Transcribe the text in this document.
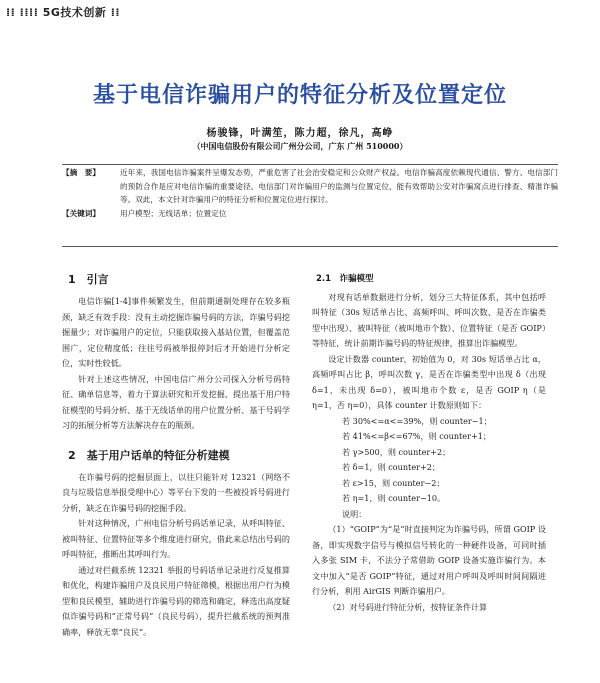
⁞⁞ ⁞⁞⁞⁞ 5G技术创新 ⁞⁞
基于电信诈骗用户的特征分析及位置定位
杨骏锋，叶满笙，陈力超，徐凡，高峥
（中国电信股份有限公司广州分公司，广东 广州 510000）
【摘　要】	近年来，我国电信诈骗案件呈爆发态势，严重危害了社会治安稳定和公众财产权益。电信诈骗高度依赖现代通信、警方、电信部门的预防合作是应对电信诈骗的重要途径。电信部门对诈骗用户的监测与位置定位，能有效帮助公安对诈骗窝点进行排查、精准诈骗等。双此，本文针对诈骗用户的特征分析和位置定位进行探讨。
【关键词】	用户模型；无线话单；位置定位
1　引言

电信诈骗[1-4]事件频繁发生，但前期通制处理存在较多瓶颈，缺乏有效手段：没有主动挖掘诈骗号码的方法，诈骗号码挖掘量少；对诈骗用户的定位，只能获取接入基站位置，但覆盖范围广，定位精度低；往往号码被举报停封后才开始进行分析定位，实时性较低。

针对上述这些情况，中国电信广州分公司探入分析号码特征、确单信息等，着力于算法研究和开发挖掘，提出基于用户特征模型的号码分析、基于无线话单的用户位置分析、基于号码学习的拓展分析等方法解决存在的瓶颈。

2　基于用户话单的特征分析建模

在诈骗号码的挖掘层面上，以往只能针对 12321（网络不良与垃圾信息举报受理中心）等平台下发的一些被投诉号码进行分析，缺乏在诈骗号码的挖掘手段。

针对这种情况，广州电信分析号码话单记录，从呼叫特征、被叫特征、位置特征等多个维度进行研究，借此来总结出号码的呼叫特征，推断出其呼叫行为。

通过对拦截系统 12321 举报的号码话单记录进行反复推算和优化，构建诈骗用户及良民用户特征筛模，根据出用户行为模型和良民模型，辅助进行诈骗号码的筛选和确定，释选出高度疑似诈骗号码和“正常号码”（良民号码），提升拦截系统的预判准确率，释放无辜“良民”。

2.1　诈骗模型

对现有话单数据进行分析，划分三大特征体系，其中包括呼叫特征（30s 短话单占比、高频呼叫、呼叫次数、是否在诈骗类型中出现）、被叫特征（被叫地市个数）、位置特征（是否 GOIP）等特征，统计前期诈骗号码的特征规律，推算出诈骗模型。

设定计数器 counter，初始值为 0，对 30s 短话单占比 α，高频呼叫占比 β，呼叫次数 γ，是否在诈骗类型中出现 δ（出现 δ=1，未出现 δ=0），被叫地市个数 ε，是否 GOIP η（是 η=1，否 η=0），具体 counter 计数原则如下：

若 30%<=α<=39%，则 counter−1；

若 41%<=β<=67%，则 counter+1；

若 γ>500，则 counter+2；

若 δ=1，则 counter+2；

若 ε>15，则 counter−2；

若 η=1，则 counter−10。

说明：

（1）“GOIP”为“是”时直接判定为诈骗号码，所谓 GOIP 设备，即实现数字信号与模拟信号转化的一种硬件设备，可同时插入多张 SIM 卡，不法分子常借助 GOIP 设备实施诈骗行为。本文中加入“是否 GOIP”特征，通过对用户呼叫及呼叫时间间隔进行分析，利用 AirGIS 判断诈骗用户。

（2）对号码进行特征分析，按特征条件计算
